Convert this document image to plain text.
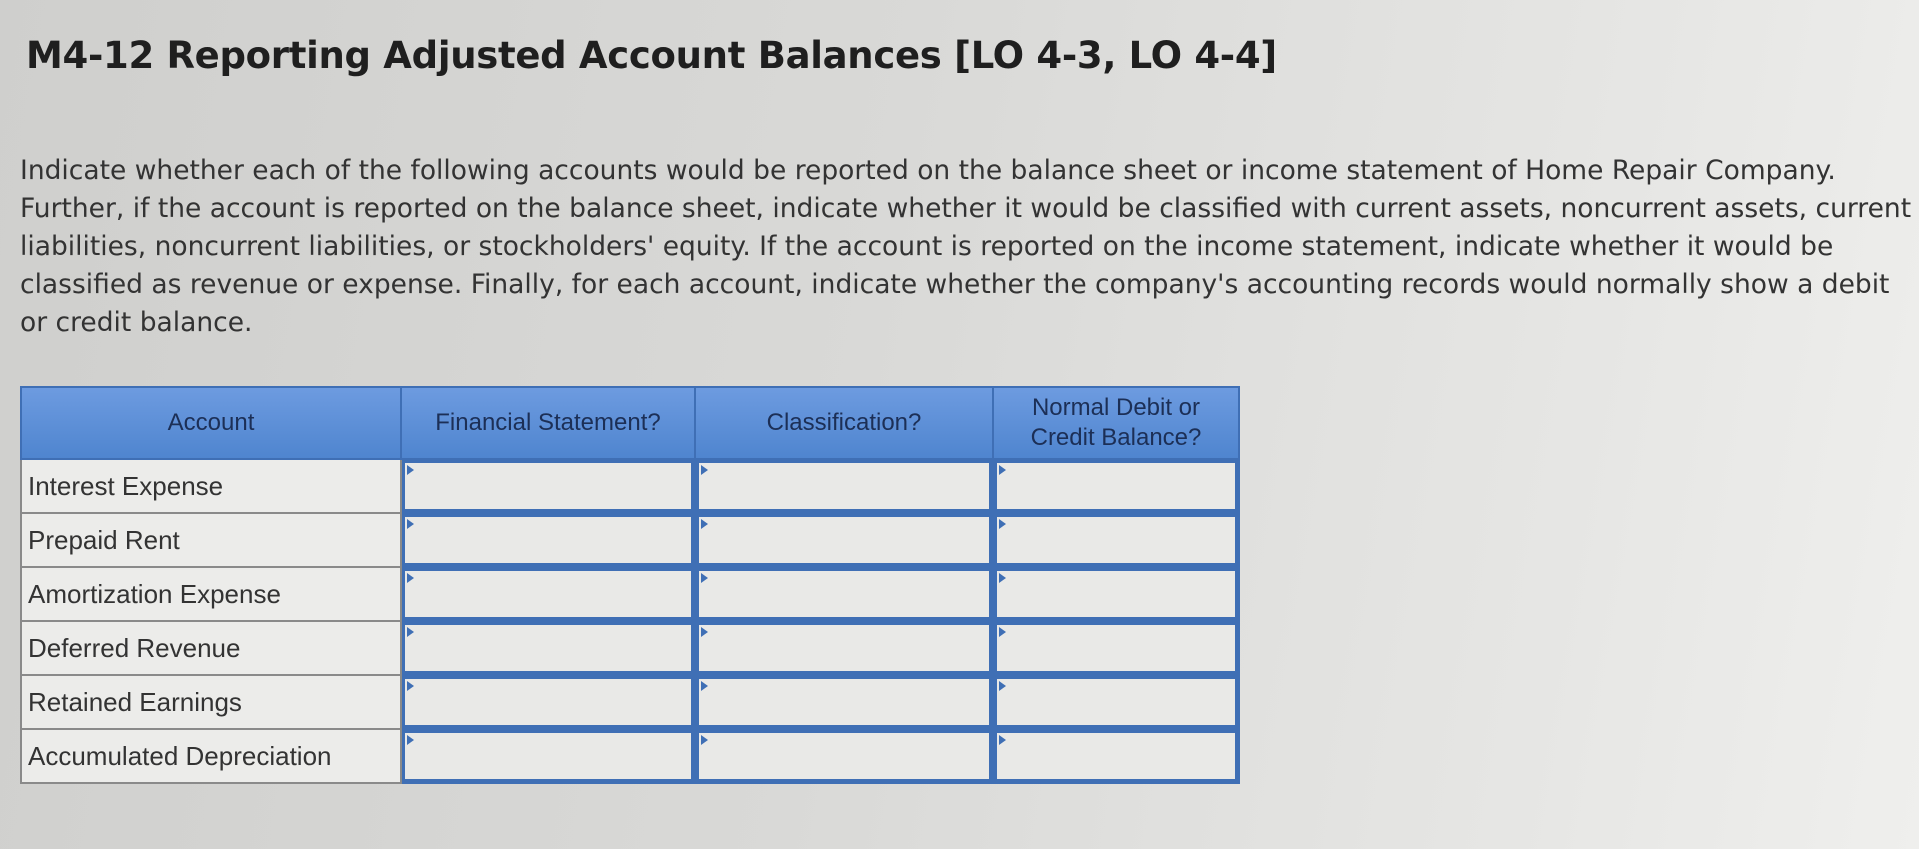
M4-12 Reporting Adjusted Account Balances [LO 4-3, LO 4-4]

Indicate whether each of the following accounts would be reported on the balance sheet or income statement of Home Repair Company. Further, if the account is reported on the balance sheet, indicate whether it would be classified with current assets, noncurrent assets, current liabilities, noncurrent liabilities, or stockholders' equity. If the account is reported on the income statement, indicate whether it would be classified as revenue or expense. Finally, for each account, indicate whether the company's accounting records would normally show a debit or credit balance.

Account	Financial Statement?	Classification?	Normal Debit or Credit Balance?
Interest Expense	

Prepaid Rent	

Amortization Expense	

Deferred Revenue	

Retained Earnings	

Accumulated Depreciation	
